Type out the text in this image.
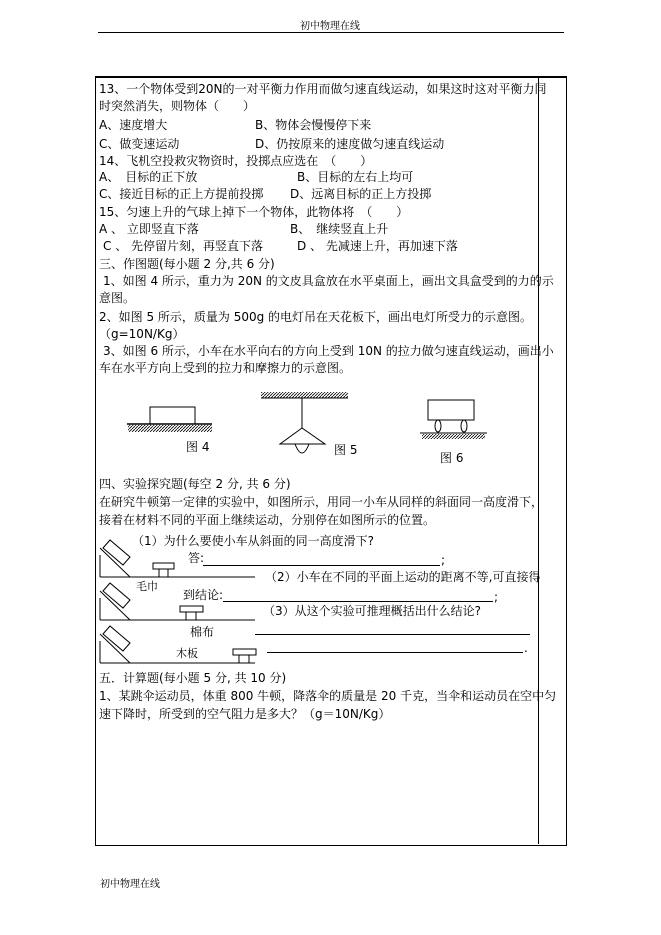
初中物理在线
13、一个物体受到20N的一对平衡力作用而做匀速直线运动，如果这时这对平衡力同
时突然消失，则物体（　　）
A、速度增大	B、物体会慢慢停下来
C、做变速运动	D、仍按原来的速度做匀速直线运动
14、飞机空投救灾物资时，投掷点应选在　（　　）
A、　目标的正下放	B、目标的左右上均可
C、接近目标的正上方提前投掷 D、远离目标的正上方投掷
15、匀速上升的气球上掉下一个物体，此物体将　（　　）
A 、 立即竖直下落	B、　继续竖直上升
C 、 先停留片刻，再竖直下落	D 、 先减速上升，再加速下落
三、作图题(每小题 2 分,共 6 分)
1、如图 4 所示，重力为 20N 的文皮具盒放在水平桌面上，画出文具盒受到的力的示
意图。
2、如图 5 所示，质量为 500g 的电灯吊在天花板下，画出电灯所受力的示意图。
（g=10N/Kg）
3、如图 6 所示，小车在水平向右的方向上受到 10N 的拉力做匀速直线运动，画出小
车在水平方向上受到的拉力和摩擦力的示意图。
图 4	图 5
图 6
四、实验探究题(每空 2 分, 共 6 分)
在研究牛顿第一定律的实验中，如图所示，用同一小车从同样的斜面同一高度滑下，
接着在材料不同的平面上继续运动，分别停在如图所示的位置。
（1）为什么要使小车从斜面的同一高度滑下?
答:	;
（2）小车在不同的平面上运动的距离不等,可直接得
毛巾
到结论:	;
（3）从这个实验可推理概括出什么结论?
棉布
.
木板
五．计算题(每小题 5 分, 共 10 分)
1、某跳伞运动员，体重 800 牛顿，降落伞的质量是 20 千克，当伞和运动员在空中匀
速下降时，所受到的空气阻力是多大？（g＝10N/Kg）
初中物理在线
